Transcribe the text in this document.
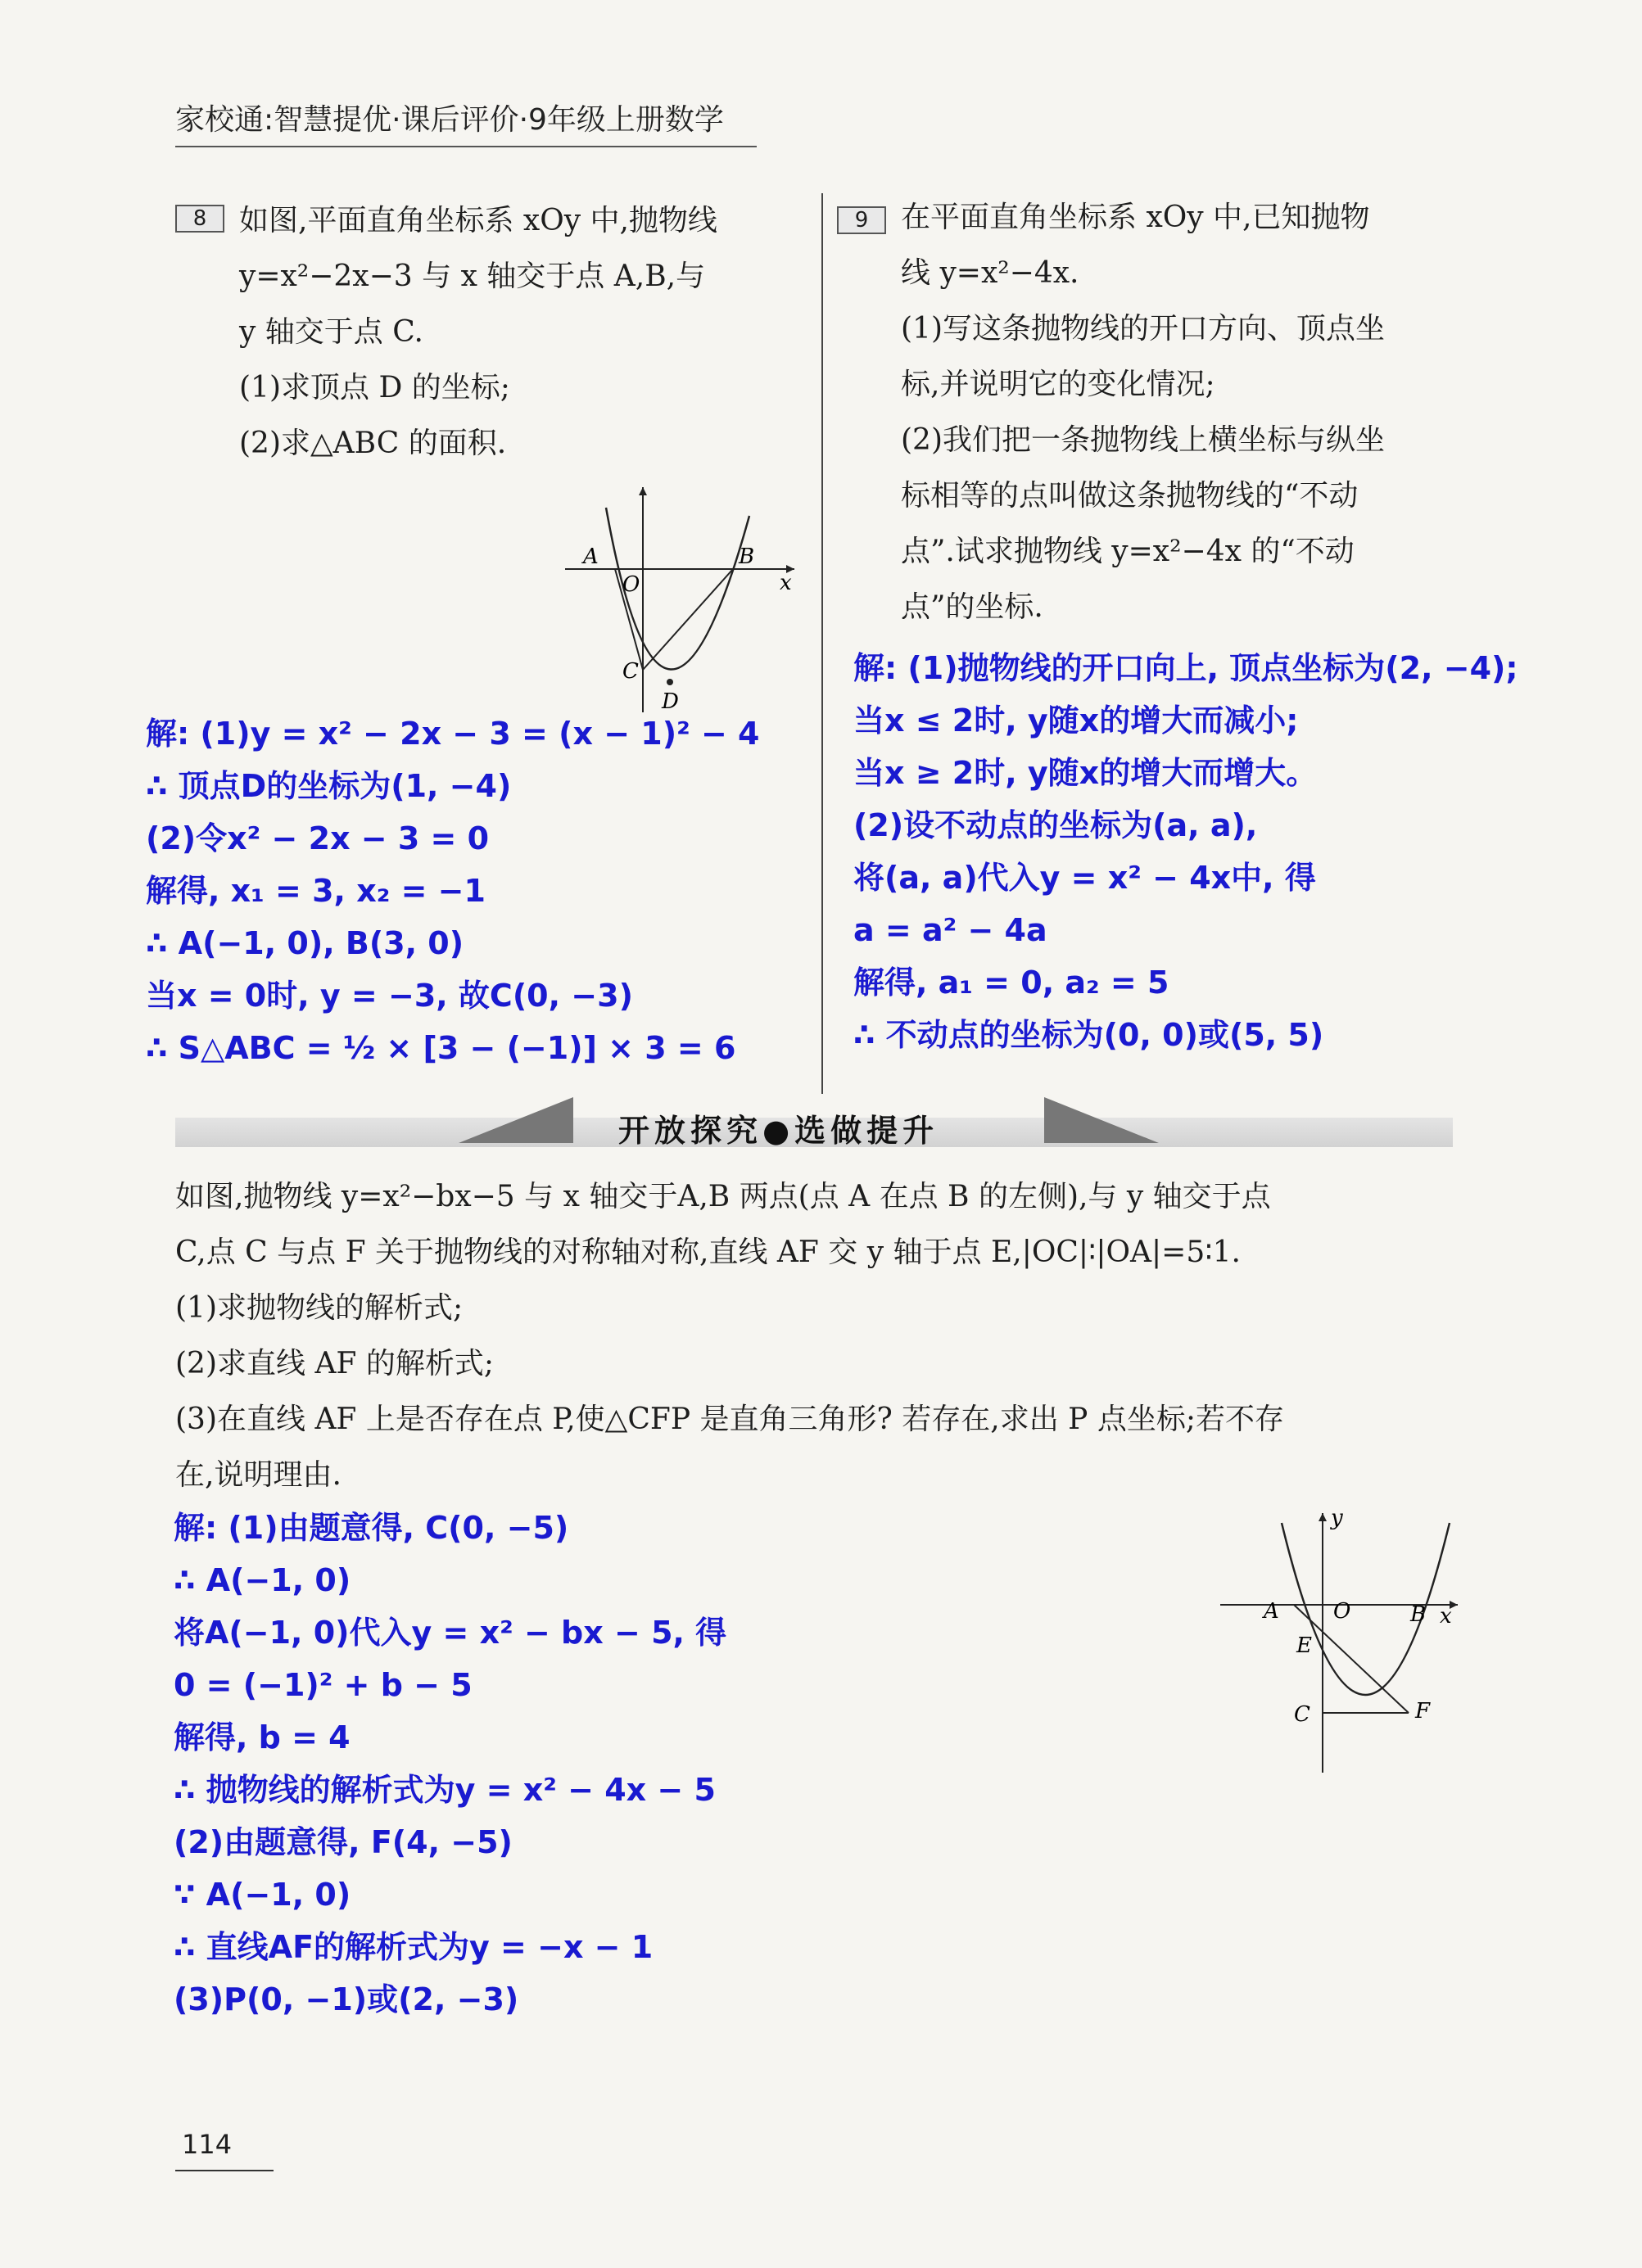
家校通:智慧提优·课后评价·9年级上册数学
8	如图,平面直角坐标系 xOy 中,抛物线
y=x²−2x−3 与 x 轴交于点 A,B,与
y 轴交于点 C.
(1)求顶点 D 的坐标;
(2)求△ABC 的面积.
A	B
O	x
C
D
解: (1)y = x² − 2x − 3 = (x − 1)² − 4
∴ 顶点D的坐标为(1, −4)
(2)令x² − 2x − 3 = 0
解得, x₁ = 3, x₂ = −1
∴ A(−1, 0), B(3, 0)
当x = 0时, y = −3, 故C(0, −3)
∴ S△ABC = ½ × [3 − (−1)] × 3 = 6
9	在平面直角坐标系 xOy 中,已知抛物
线 y=x²−4x.
(1)写这条抛物线的开口方向、顶点坐
标,并说明它的变化情况;
(2)我们把一条抛物线上横坐标与纵坐
标相等的点叫做这条抛物线的“不动
点”.试求抛物线 y=x²−4x 的“不动
点”的坐标.
解: (1)抛物线的开口向上, 顶点坐标为(2, −4);
当x ≤ 2时, y随x的增大而减小;
当x ≥ 2时, y随x的增大而增大。
(2)设不动点的坐标为(a, a),
将(a, a)代入y = x² − 4x中, 得
a = a² − 4a
解得, a₁ = 0, a₂ = 5
∴ 不动点的坐标为(0, 0)或(5, 5)
开放探究●选做提升
如图,抛物线 y=x²−bx−5 与 x 轴交于A,B 两点(点 A 在点 B 的左侧),与 y 轴交于点
C,点 C 与点 F 关于抛物线的对称轴对称,直线 AF 交 y 轴于点 E,|OC|∶|OA|=5∶1.
(1)求抛物线的解析式;
(2)求直线 AF 的解析式;
(3)在直线 AF 上是否存在点 P,使△CFP 是直角三角形? 若存在,求出 P 点坐标;若不存
在,说明理由.
y
A	O	B x
E
C	F
解: (1)由题意得, C(0, −5)
∴ A(−1, 0)
将A(−1, 0)代入y = x² − bx − 5, 得
0 = (−1)² + b − 5
解得, b = 4
∴ 抛物线的解析式为y = x² − 4x − 5
(2)由题意得, F(4, −5)
∵ A(−1, 0)
∴ 直线AF的解析式为y = −x − 1
(3)P(0, −1)或(2, −3)
114
